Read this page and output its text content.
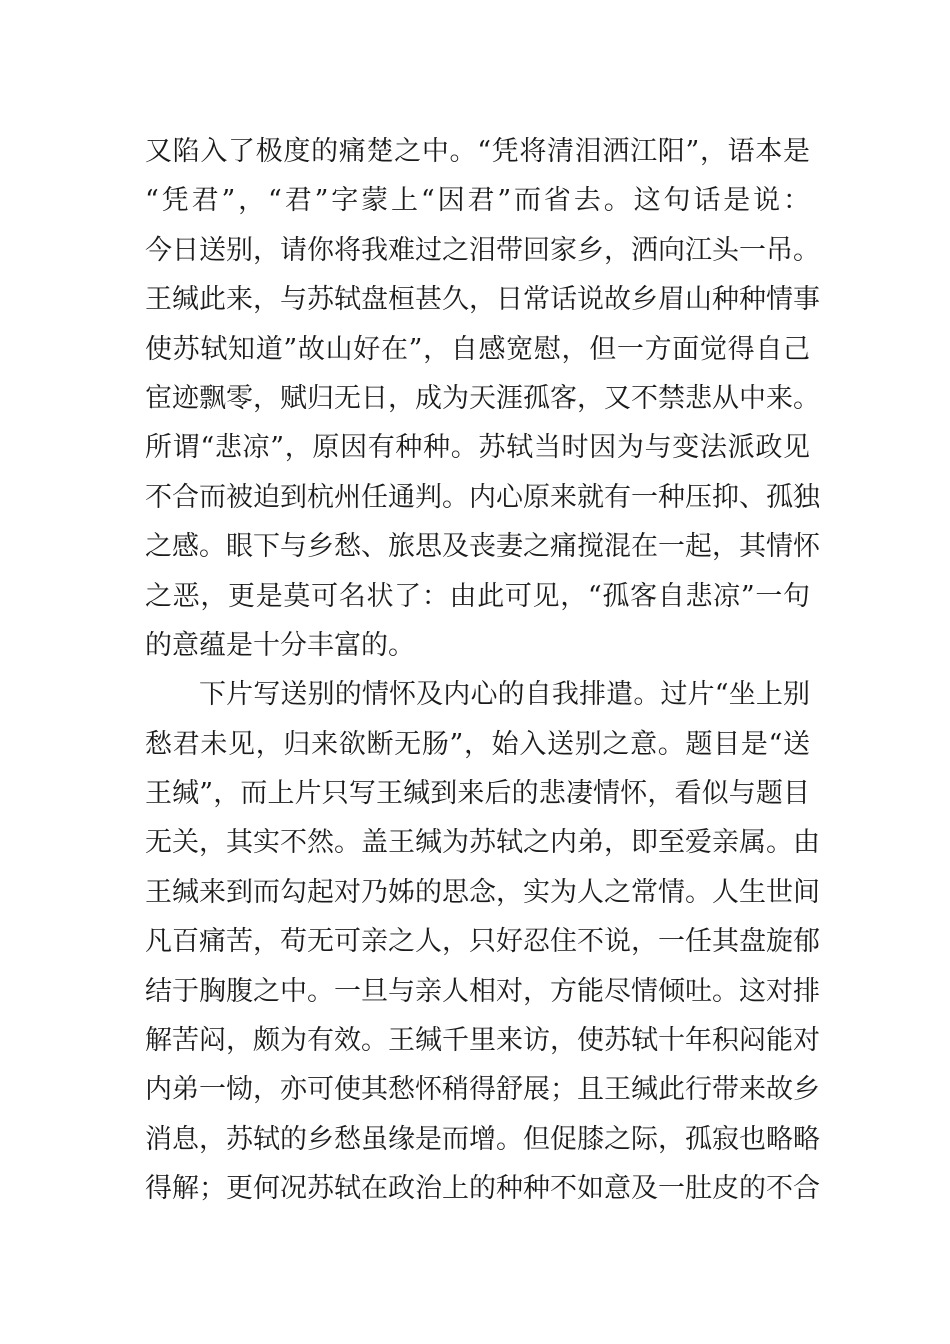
又陷入了极度的痛楚之中。“凭将清泪洒江阳”，语本是
“凭君”，“君”字蒙上“因君”而省去。这句话是说：
今日送别，请你将我难过之泪带回家乡，洒向江头一吊。
王缄此来，与苏轼盘桓甚久，日常话说故乡眉山种种情事
使苏轼知道”故山好在”，自感宽慰，但一方面觉得自己
宦迹飘零，赋归无日，成为天涯孤客，又不禁悲从中来。
所谓“悲凉”，原因有种种。苏轼当时因为与变法派政见
不合而被迫到杭州任通判。内心原来就有一种压抑、孤独
之感。眼下与乡愁、旅思及丧妻之痛搅混在一起，其情怀
之恶，更是莫可名状了：由此可见，“孤客自悲凉”一句
的意蕴是十分丰富的。
下片写送别的情怀及内心的自我排遣。过片“坐上别
愁君未见，归来欲断无肠”，始入送别之意。题目是“送
王缄”，而上片只写王缄到来后的悲凄情怀，看似与题目
无关，其实不然。盖王缄为苏轼之内弟，即至爱亲属。由
王缄来到而勾起对乃姊的思念，实为人之常情。人生世间
凡百痛苦，苟无可亲之人，只好忍住不说，一任其盘旋郁
结于胸腹之中。一旦与亲人相对，方能尽情倾吐。这对排
解苦闷，颇为有效。王缄千里来访，使苏轼十年积闷能对
内弟一恸，亦可使其愁怀稍得舒展；且王缄此行带来故乡
消息，苏轼的乡愁虽缘是而增。但促膝之际，孤寂也略略
得解；更何况苏轼在政治上的种种不如意及一肚皮的不合
